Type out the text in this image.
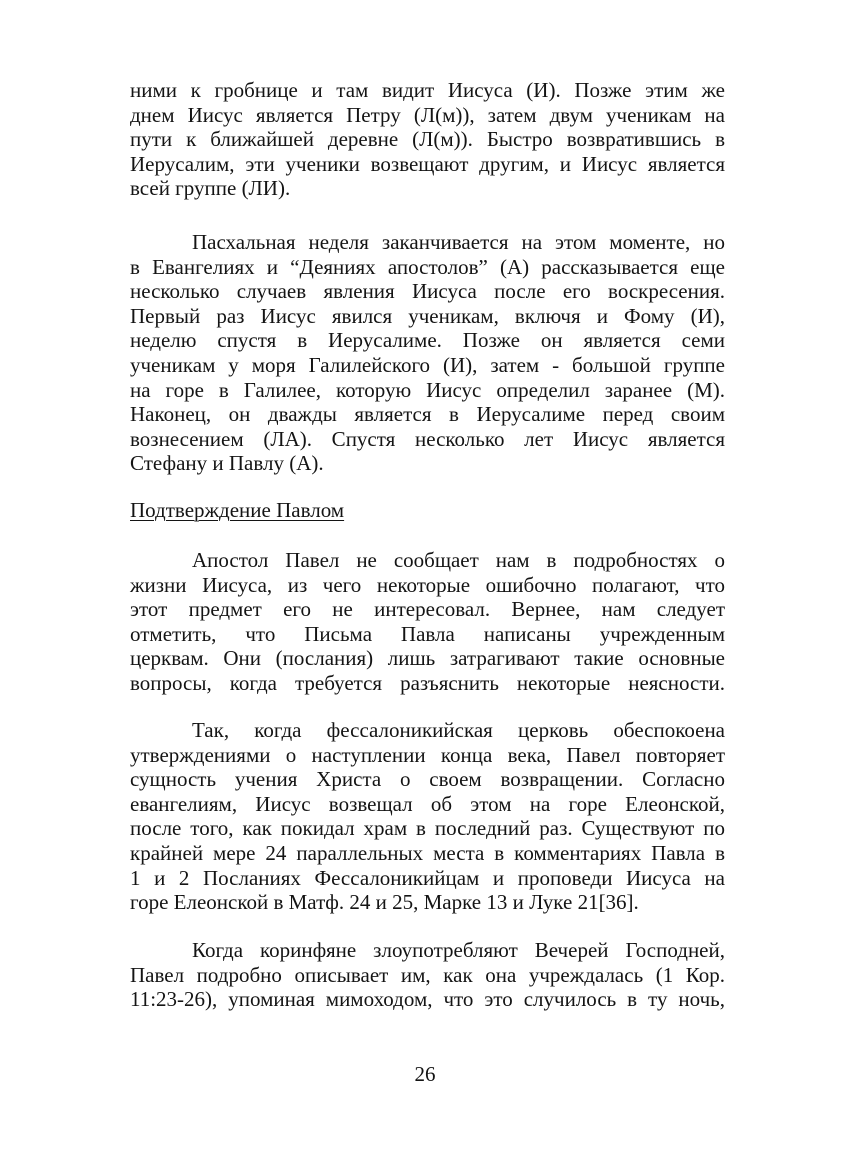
ними к гробнице и там видит Иисуса (И). Позже этим же
днем Иисус является Петру (Л(м)), затем двум ученикам на
пути к ближайшей деревне (Л(м)). Быстро возвратившись в
Иерусалим, эти ученики возвещают другим, и Иисус является
всей группе (ЛИ).
Пасхальная неделя заканчивается на этом моменте, но
в Евангелиях и “Деяниях апостолов” (А) рассказывается еще
несколько случаев явления Иисуса после его воскресения.
Первый раз Иисус явился ученикам, включя и Фому (И),
неделю спустя в Иерусалиме. Позже он является семи
ученикам у моря Галилейского (И), затем - большой группе
на горе в Галилее, которую Иисус определил заранее (М).
Наконец, он дважды является в Иерусалиме перед своим
вознесением (ЛА). Спустя несколько лет Иисус является
Стефану и Павлу (А).
Подтверждение Павлом
Апостол Павел не сообщает нам в подробностях о
жизни Иисуса, из чего некоторые ошибочно полагают, что
этот предмет его не интересовал. Вернее, нам следует
отметить, что Письма Павла написаны учрежденным
церквам. Они (послания) лишь затрагивают такие основные
вопросы, когда требуется разъяснить некоторые неясности.
Так, когда фессалоникийская церковь обеспокоена
утверждениями о наступлении конца века, Павел повторяет
сущность учения Христа о своем возвращении. Согласно
евангелиям, Иисус возвещал об этом на горе Елеонской,
после того, как покидал храм в последний раз. Существуют по
крайней мере 24 параллельных места в комментариях Павла в
1 и 2 Посланиях Фессалоникийцам и проповеди Иисуса на
горе Елеонской в Матф. 24 и 25, Марке 13 и Луке 21[36].
Когда коринфяне злоупотребляют Вечерей Господней,
Павел подробно описывает им, как она учреждалась (1 Кор.
11:23-26), упоминая мимоходом, что это случилось в ту ночь,
26
